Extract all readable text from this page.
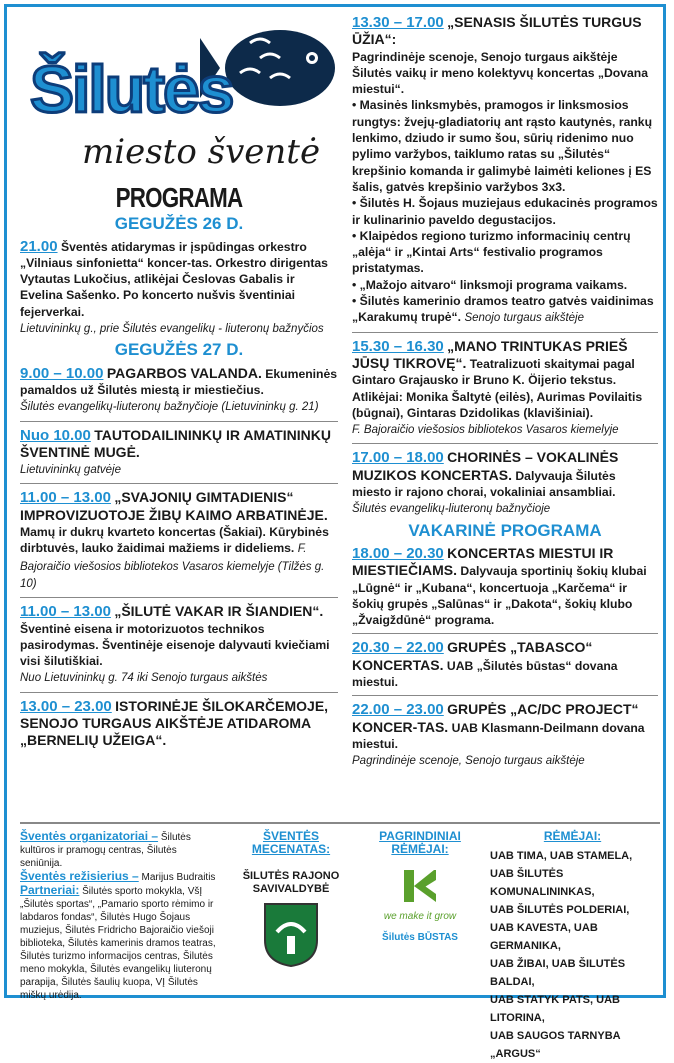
Šilutės
miesto šventė
PROGRAMA
GEGUŽĖS 26 D.
21.00 Šventės atidarymas ir įspūdingas orkestro „Vilniaus sinfonietta“ koncer-tas. Orkestro dirigentas Vytautas Lukočius, atlikėjai Česlovas Gabalis ir Evelina Sašenko. Po koncerto nušvis šventiniai fejerverkai.
Lietuvininkų g., prie Šilutės evangelikų - liuteronų bažnyčios
GEGUŽĖS 27 D.
9.00 – 10.00 PAGARBOS VALANDA. Ekumeninės pamaldos už Šilutės miestą ir miestiečius.
Šilutės evangelikų-liuteronų bažnyčioje (Lietuvininkų g. 21)
Nuo 10.00 TAUTODAILININKŲ IR AMATININKŲ ŠVENTINĖ MUGĖ.
Lietuvininkų gatvėje
11.00 – 13.00 „SVAJONIŲ GIMTADIENIS“ IMPROVIZUOTOJE ŽIBŲ KAIMO ARBATINĖJE. Mamų ir dukrų kvarteto koncertas (Šakiai). Kūrybinės dirbtuvės, lauko žaidimai mažiems ir dideliems. F. Bajoraičio viešosios bibliotekos Vasaros kiemelyje (Tilžės g. 10)
11.00 – 13.00 „ŠILUTĖ VAKAR IR ŠIANDIEN“. Šventinė eisena ir motorizuotos technikos pasirodymas. Šventinėje eisenoje dalyvauti kviečiami visi šilutiškiai.
Nuo Lietuvininkų g. 74 iki Senojo turgaus aikštės
13.00 – 23.00 ISTORINĖJE ŠILOKARČEMOJE, SENOJO TURGAUS AIKŠTĖJE ATIDAROMA „BERNELIŲ UŽEIGA“.
13.30 – 17.00 „SENASIS ŠILUTĖS TURGUS ŪŽIA“:
Pagrindinėje scenoje, Senojo turgaus aikštėje Šilutės vaikų ir meno kolektyvų koncertas „Dovana miestui“.
• Masinės linksmybės, pramogos ir linksmosios rungtys: žvejų-gladiatorių ant rąsto kautynės, rankų lenkimo, dziudo ir sumo šou, sūrių ridenimo nuo pylimo varžybos, taiklumo ratas su „Šilutės“ krepšinio komanda ir galimybė laimėti keliones į ES šalis, gatvės krepšinio varžybos 3x3.
• Šilutės H. Šojaus muziejaus edukacinės programos ir kulinarinio paveldo degustacijos.
• Klaipėdos regiono turizmo informacinių centrų „alėja“ ir „Kintai Arts“ festivalio programos pristatymas.
• „Mažojo aitvaro“ linksmoji programa vaikams.
• Šilutės kamerinio dramos teatro gatvės vaidinimas „Karakumų trupė“. Senojo turgaus aikštėje
15.30 – 16.30 „MANO TRINTUKAS PRIEŠ JŪSŲ TIKROVĘ“. Teatralizuoti skaitymai pagal Gintaro Grajausko ir Bruno K. Öijerio tekstus. Atlikėjai: Monika Šaltytė (eilės), Aurimas Povilaitis (būgnai), Gintaras Dzidolikas (klavišiniai).
F. Bajoraičio viešosios bibliotekos Vasaros kiemelyje
17.00 – 18.00 CHORINĖS – VOKALINĖS MUZIKOS KONCERTAS. Dalyvauja Šilutės miesto ir rajono chorai, vokaliniai ansambliai.
Šilutės evangelikų-liuteronų bažnyčioje
VAKARINĖ PROGRAMA
18.00 – 20.30 KONCERTAS MIESTUI IR MIESTIEČIAMS. Dalyvauja sportinių šokių klubai „Lūgnė“ ir „Kubana“, koncertuoja „Karčema“ ir šokių grupės „Salūnas“ ir „Dakota“, šokių klubo „Žvaigždūnė“ programa.
20.30 – 22.00 GRUPĖS „TABASCO“ KONCERTAS. UAB „Šilutės būstas“ dovana miestui.
22.00 – 23.00 GRUPĖS „AC/DC PROJECT“ KONCER-TAS. UAB Klasmann-Deilmann dovana miestui.
Pagrindinėje scenoje, Senojo turgaus aikštėje
Šventės organizatoriai – Šilutės kultūros ir pramogų centras, Šilutės seniūnija.
Šventės režisierius – Marijus Budraitis
Partneriai: Šilutės sporto mokykla, VšĮ „Šilutės sportas“, „Pamario sporto rėmimo ir labdaros fondas“, Šilutės Hugo Šojaus muziejus, Šilutės Fridricho Bajoraičio viešoji biblioteka, Šilutės kamerinis dramos teatras, Šilutės turizmo informacijos centras, Šilutės meno mokykla, Šilutės evangelikų liuteronų parapija, Šilutės šaulių kuopa, VĮ Šilutės miškų urėdija.
ŠVENTĖS MECENATAS:
ŠILUTĖS RAJONO SAVIVALDYBĖ
PAGRINDINIAI RĖMĖJAI:
we make it grow
Šilutės BŪSTAS
RĖMĖJAI:
UAB TIMA, UAB STAMELA,
UAB ŠILUTĖS KOMUNALININKAS,
UAB ŠILUTĖS POLDERIAI,
UAB KAVESTA, UAB GERMANIKA,
UAB ŽIBAI, UAB ŠILUTĖS BALDAI,
UAB STATYK PATS, UAB LITORINA,
UAB SAUGOS TARNYBA „ARGUS“
